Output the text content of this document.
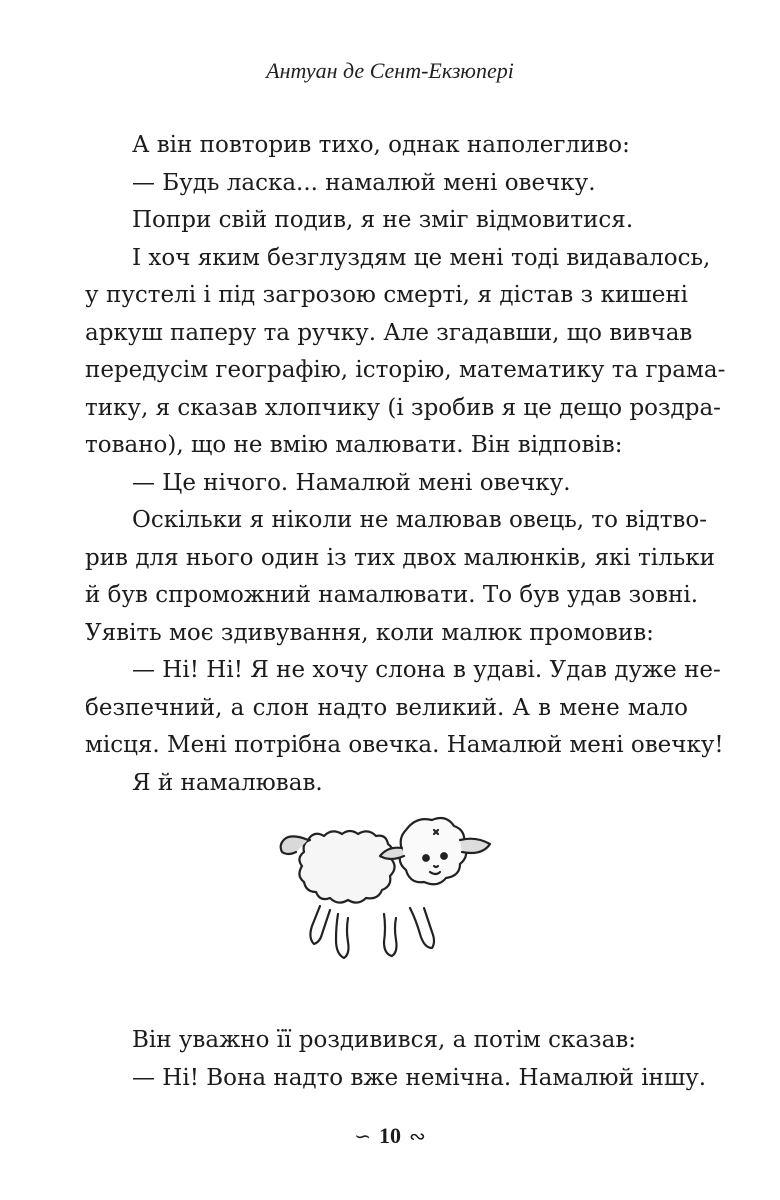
Антуан де Сент-Екзюпері
А він повторив тихо, однак наполегливо:
— Будь ласка... намалюй мені овечку.
Попри свій подив, я не зміг відмовитися.
І хоч яким безглуздям це мені тоді видавалось,
у пустелі і під загрозою смерті, я дістав з кишені
аркуш паперу та ручку. Але згадавши, що вивчав
передусім географію, історію, математику та грама-
тику, я сказав хлопчику (і зробив я це дещо роздра-
товано), що не вмію малювати. Він відповів:
— Це нічого. Намалюй мені овечку.
Оскільки я ніколи не малював овець, то відтво-
рив для нього один із тих двох малюнків, які тільки
й був спроможний намалювати. То був удав зовні.
Уявіть моє здивування, коли малюк промовив:
— Ні! Ні! Я не хочу слона в удаві. Удав дуже не-
безпечний, а слон надто великий. А в мене мало
місця. Мені потрібна овечка. Намалюй мені овечку!
Я й намалював.
Він уважно її роздивився, а потім сказав:
— Ні! Вона надто вже немічна. Намалюй іншу.
∽ 10 ∾
